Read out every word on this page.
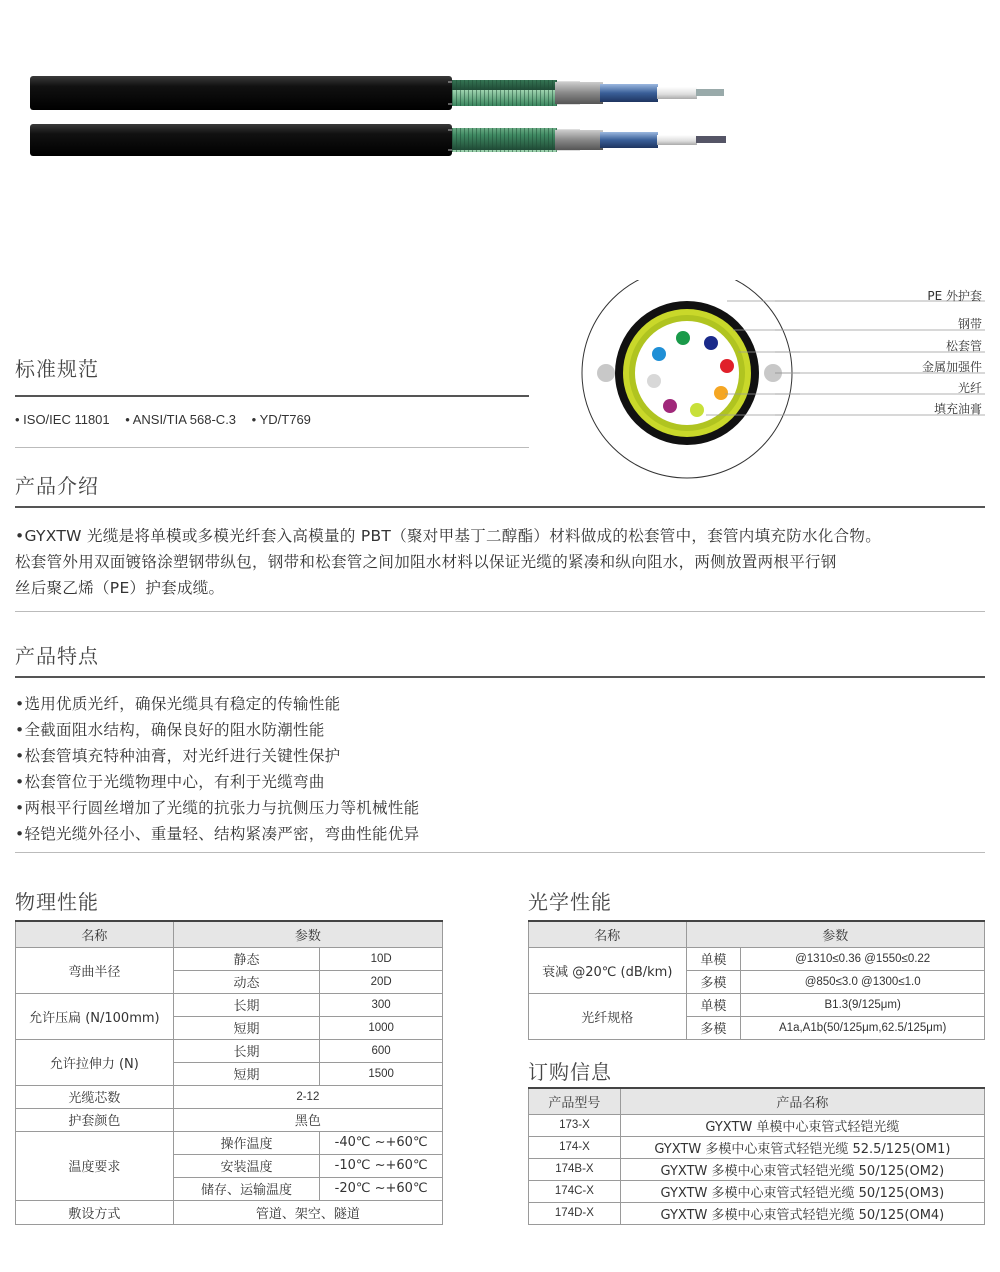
PE 外护套
钢带
松套管
金属加强件
光纤
填充油膏
标准规范
• ISO/IEC 11801 • ANSI/TIA 568-C.3 • YD/T769
产品介绍
•GYXTW 光缆是将单模或多模光纤套入高模量的 PBT（聚对甲基丁二醇酯）材料做成的松套管中，套管内填充防水化合物。
松套管外用双面镀铬涂塑钢带纵包，钢带和松套管之间加阻水材料以保证光缆的紧凑和纵向阻水，两侧放置两根平行钢
丝后聚乙烯（PE）护套成缆。
产品特点
•选用优质光纤，确保光缆具有稳定的传输性能
•全截面阻水结构，确保良好的阻水防潮性能
•松套管填充特种油膏，对光纤进行关键性保护
•松套管位于光缆物理中心，有利于光缆弯曲
•两根平行圆丝增加了光缆的抗张力与抗侧压力等机械性能
•轻铠光缆外径小、重量轻、结构紧凑严密，弯曲性能优异
物理性能
名称	参数	
弯曲半径	静态	10D
	动态	20D
允许压扁 (N/100mm)	长期	300
	短期	1000
允许拉伸力 (N)	长期	600
	短期	1500
光缆芯数	2-12	
护套颜色	黑色	
温度要求	操作温度	-40℃ ~+60℃
	安装温度	-10℃ ~+60℃
	储存、运输温度	-20℃ ~+60℃
敷设方式	管道、架空、隧道	
光学性能
名称	参数	
衰减 @20℃ (dB/km)	单模	@1310≤0.36 @1550≤0.22
	多模	@850≤3.0 @1300≤1.0
光纤规格	单模	B1.3(9/125μm)
	多模	A1a,A1b(50/125μm,62.5/125μm)
订购信息
产品型号	产品名称
173-X	GYXTW 单模中心束管式轻铠光缆
174-X	GYXTW 多模中心束管式轻铠光缆 52.5/125(OM1)
174B-X	GYXTW 多模中心束管式轻铠光缆 50/125(OM2)
174C-X	GYXTW 多模中心束管式轻铠光缆 50/125(OM3)
174D-X	GYXTW 多模中心束管式轻铠光缆 50/125(OM4)
